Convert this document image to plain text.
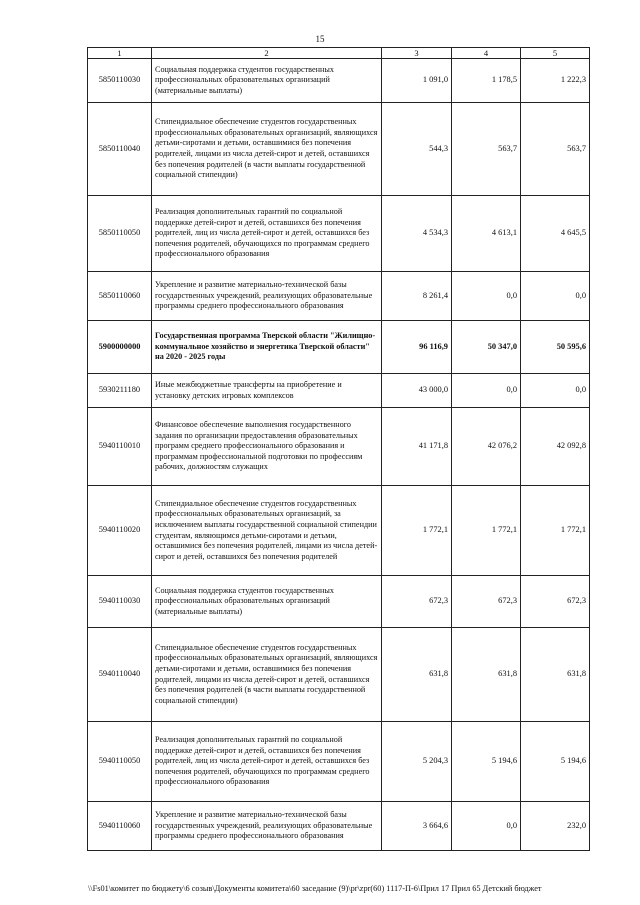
15
1	2	3	4	5
5850110030	Социальная поддержка студентов государственных профессиональных образовательных организаций (материальные выплаты)	1 091,0	1 178,5	1 222,3
5850110040	Стипендиальное обеспечение студентов государственных профессиональных образовательных организаций, являющихся детьми-сиротами и детьми, оставшимися без попечения родителей, лицами из числа детей-сирот и детей, оставшихся без попечения родителей (в части выплаты государственной социальной стипендии)	544,3	563,7	563,7
5850110050	Реализация дополнительных гарантий по социальной поддержке детей-сирот и детей, оставшихся без попечения родителей, лиц из числа детей-сирот и детей, оставшихся без попечения родителей, обучающихся по программам среднего профессионального образования	4 534,3	4 613,1	4 645,5
5850110060	Укрепление и развитие материально-технической базы государственных учреждений, реализующих образовательные программы среднего профессионального образования	8 261,4	0,0	0,0
5900000000	Государственная программа Тверской области "Жилищно-коммунальное хозяйство и энергетика Тверской области" на 2020 - 2025 годы	96 116,9	50 347,0	50 595,6
5930211180	Иные межбюджетные трансферты на приобретение и установку детских игровых комплексов	43 000,0	0,0	0,0
5940110010	Финансовое обеспечение выполнения государственного задания по организации предоставления образовательных программ среднего профессионального образования и программам профессиональной подготовки по профессиям рабочих, должностям служащих	41 171,8	42 076,2	42 092,8
5940110020	Стипендиальное обеспечение студентов государственных профессиональных образовательных организаций, за исключением выплаты государственной социальной стипендии студентам, являющимся детьми-сиротами и детьми, оставшимися без попечения родителей, лицами из числа детей-сирот и детей, оставшихся без попечения родителей	1 772,1	1 772,1	1 772,1
5940110030	Социальная поддержка студентов государственных профессиональных образовательных организаций (материальные выплаты)	672,3	672,3	672,3
5940110040	Стипендиальное обеспечение студентов государственных профессиональных образовательных организаций, являющихся детьми-сиротами и детьми, оставшимися без попечения родителей, лицами из числа детей-сирот и детей, оставшихся без попечения родителей (в части выплаты государственной социальной стипендии)	631,8	631,8	631,8
5940110050	Реализация дополнительных гарантий по социальной поддержке детей-сирот и детей, оставшихся без попечения родителей, лиц из числа детей-сирот и детей, оставшихся без попечения родителей, обучающихся по программам среднего профессионального образования	5 204,3	5 194,6	5 194,6
5940110060	Укрепление и развитие материально-технической базы государственных учреждений, реализующих образовательные программы среднего профессионального образования	3 664,6	0,0	232,0
\\Fs01\комитет по бюджету\6 созыв\Документы комитета\60 заседание (9)\pr\zpr(60) 1117-П-6\Прил 17 Прил 65 Детский бюджет
